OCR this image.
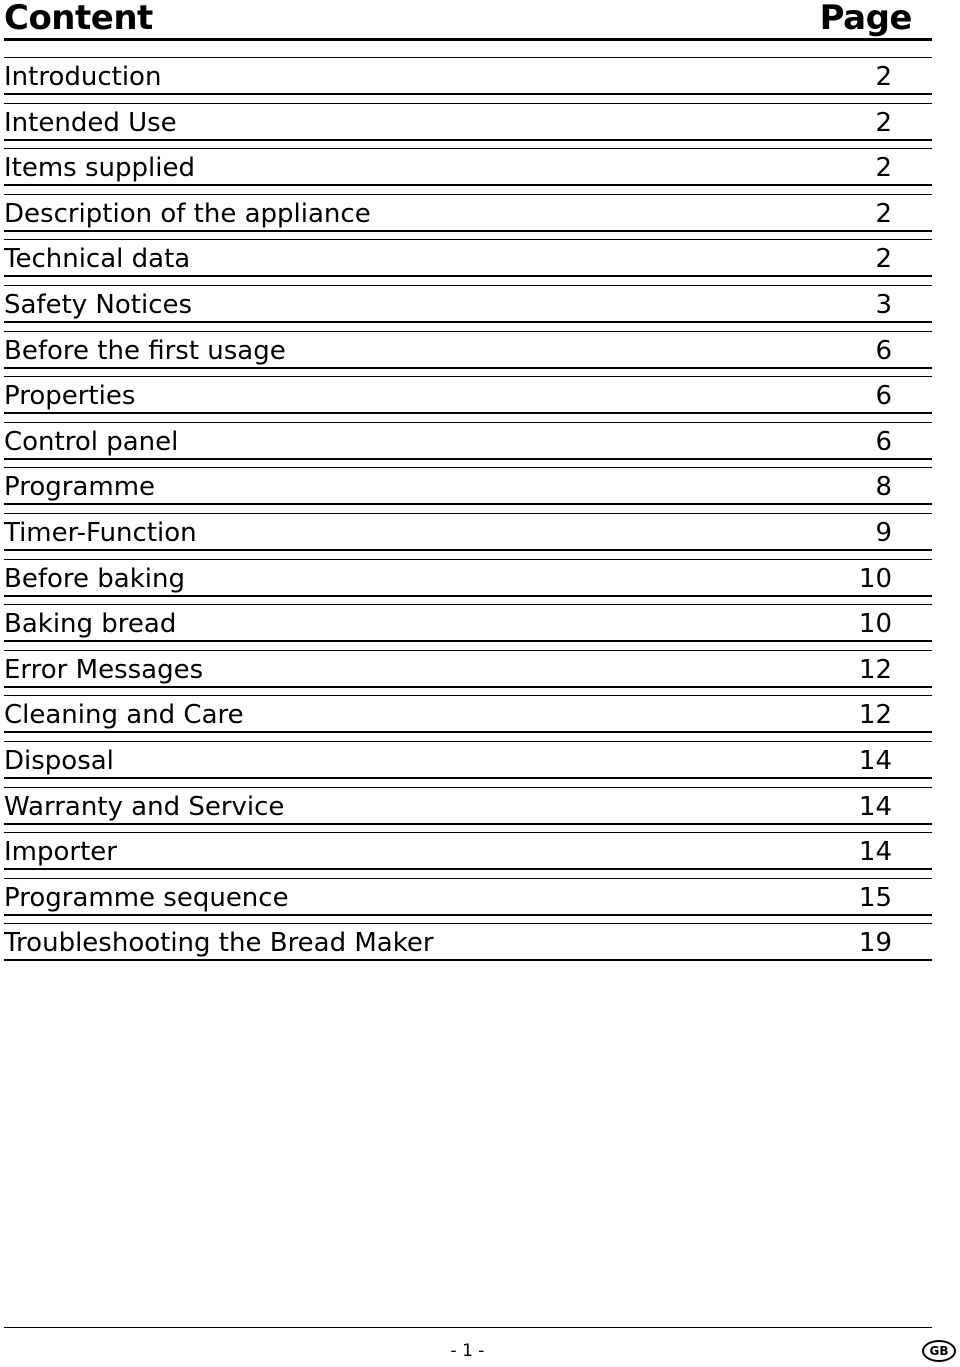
Content	Page
Introduction	2
Intended Use	2
Items supplied	2
Description of the appliance	2
Technical data	2
Safety Notices	3
Before the first usage	6
Properties	6
Control panel	6
Programme	8
Timer-Function	9
Before baking	10
Baking bread	10
Error Messages	12
Cleaning and Care	12
Disposal	14
Warranty and Service	14
Importer	14
Programme sequence	15
Troubleshooting the Bread Maker	19
- 1 -	GB
